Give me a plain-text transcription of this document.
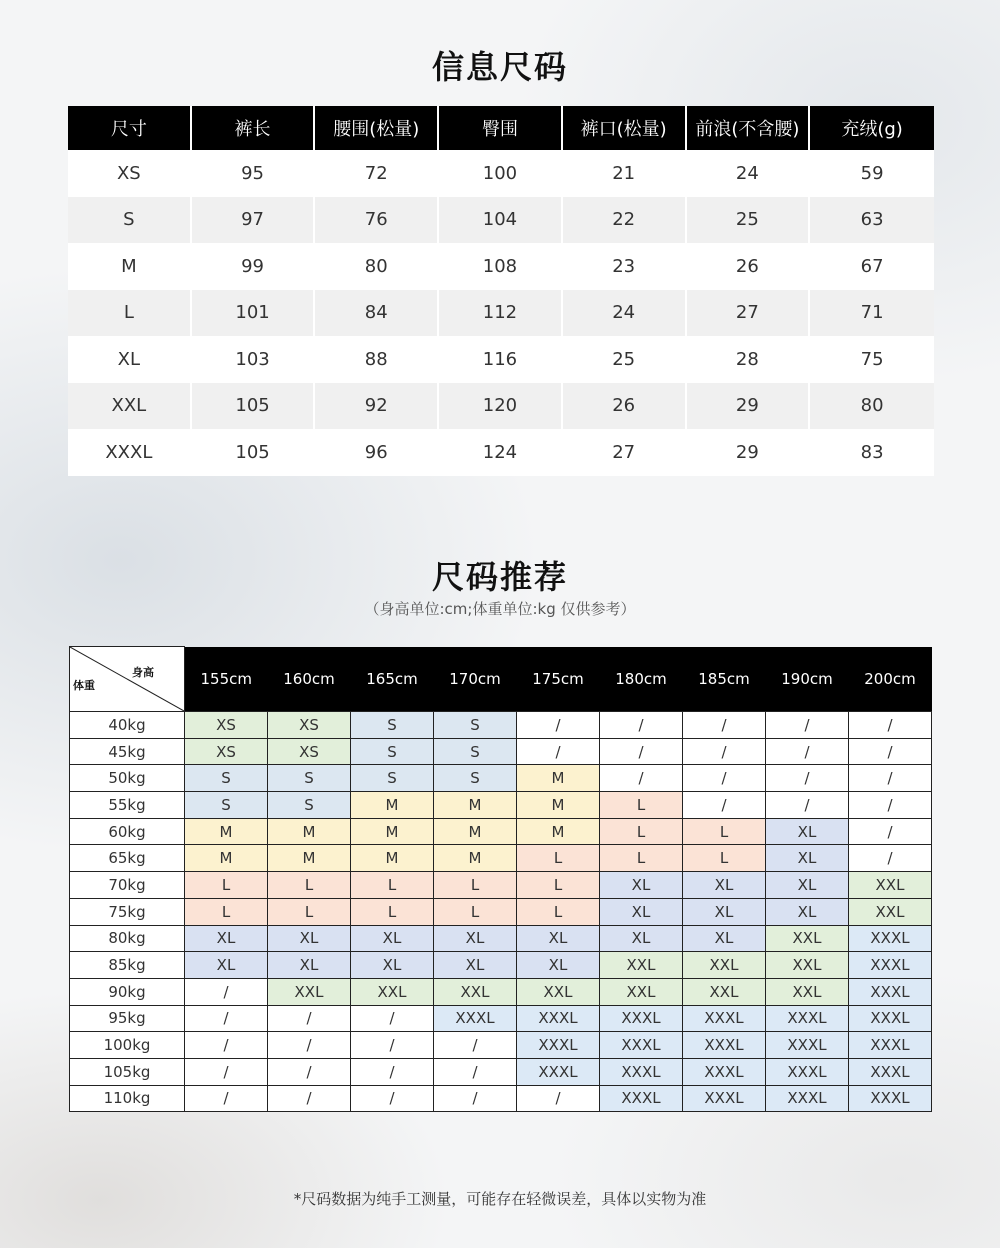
信息尺码
尺寸	裤长	腰围(松量)	臀围	裤口(松量)	前浪(不含腰)	充绒(g)
XS	95	72	100	21	24	59
S	97	76	104	22	25	63
M	99	80	108	23	26	67
L	101	84	112	24	27	71
XL	103	88	116	25	28	75
XXL	105	92	120	26	29	80
XXXL	105	96	124	27	29	83
尺码推荐
（身高单位:cm;体重单位:kg 仅供参考）
身高
体重	155cm	160cm	165cm	170cm	175cm	180cm	185cm	190cm	200cm
40kg	XS	XS	S	S	/	/	/	/	/
45kg	XS	XS	S	S	/	/	/	/	/
50kg	S	S	S	S	M	/	/	/	/
55kg	S	S	M	M	M	L	/	/	/
60kg	M	M	M	M	M	L	L	XL	/
65kg	M	M	M	M	L	L	L	XL	/
70kg	L	L	L	L	L	XL	XL	XL	XXL
75kg	L	L	L	L	L	XL	XL	XL	XXL
80kg	XL	XL	XL	XL	XL	XL	XL	XXL	XXXL
85kg	XL	XL	XL	XL	XL	XXL	XXL	XXL	XXXL
90kg	/	XXL	XXL	XXL	XXL	XXL	XXL	XXL	XXXL
95kg	/	/	/	XXXL	XXXL	XXXL	XXXL	XXXL	XXXL
100kg	/	/	/	/	XXXL	XXXL	XXXL	XXXL	XXXL
105kg	/	/	/	/	XXXL	XXXL	XXXL	XXXL	XXXL
110kg	/	/	/	/	/	XXXL	XXXL	XXXL	XXXL
*尺码数据为纯手工测量，可能存在轻微误差，具体以实物为准
